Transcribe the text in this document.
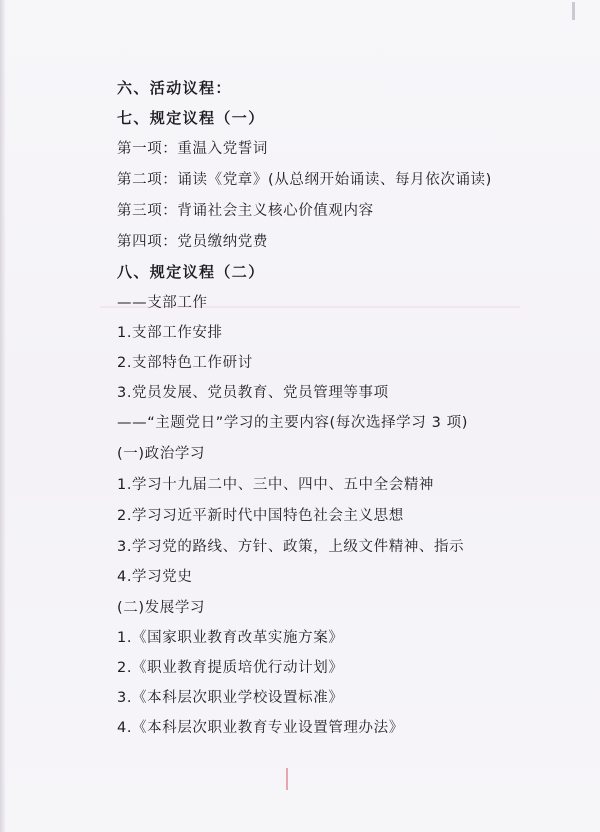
六、活动议程：
七、规定议程（一）
第一项：重温入党誓词
第二项：诵读《党章》(从总纲开始诵读、每月依次诵读)
第三项：背诵社会主义核心价值观内容
第四项：党员缴纳党费
八、规定议程（二）
——支部工作
1.支部工作安排
2.支部特色工作研讨
3.党员发展、党员教育、党员管理等事项
——“主题党日”学习的主要内容(每次选择学习 3 项)
(一)政治学习
1.学习十九届二中、三中、四中、五中全会精神
2.学习习近平新时代中国特色社会主义思想
3.学习党的路线、方针、政策，上级文件精神、指示
4.学习党史
(二)发展学习
1.《国家职业教育改革实施方案》
2.《职业教育提质培优行动计划》
3.《本科层次职业学校设置标准》
4.《本科层次职业教育专业设置管理办法》
